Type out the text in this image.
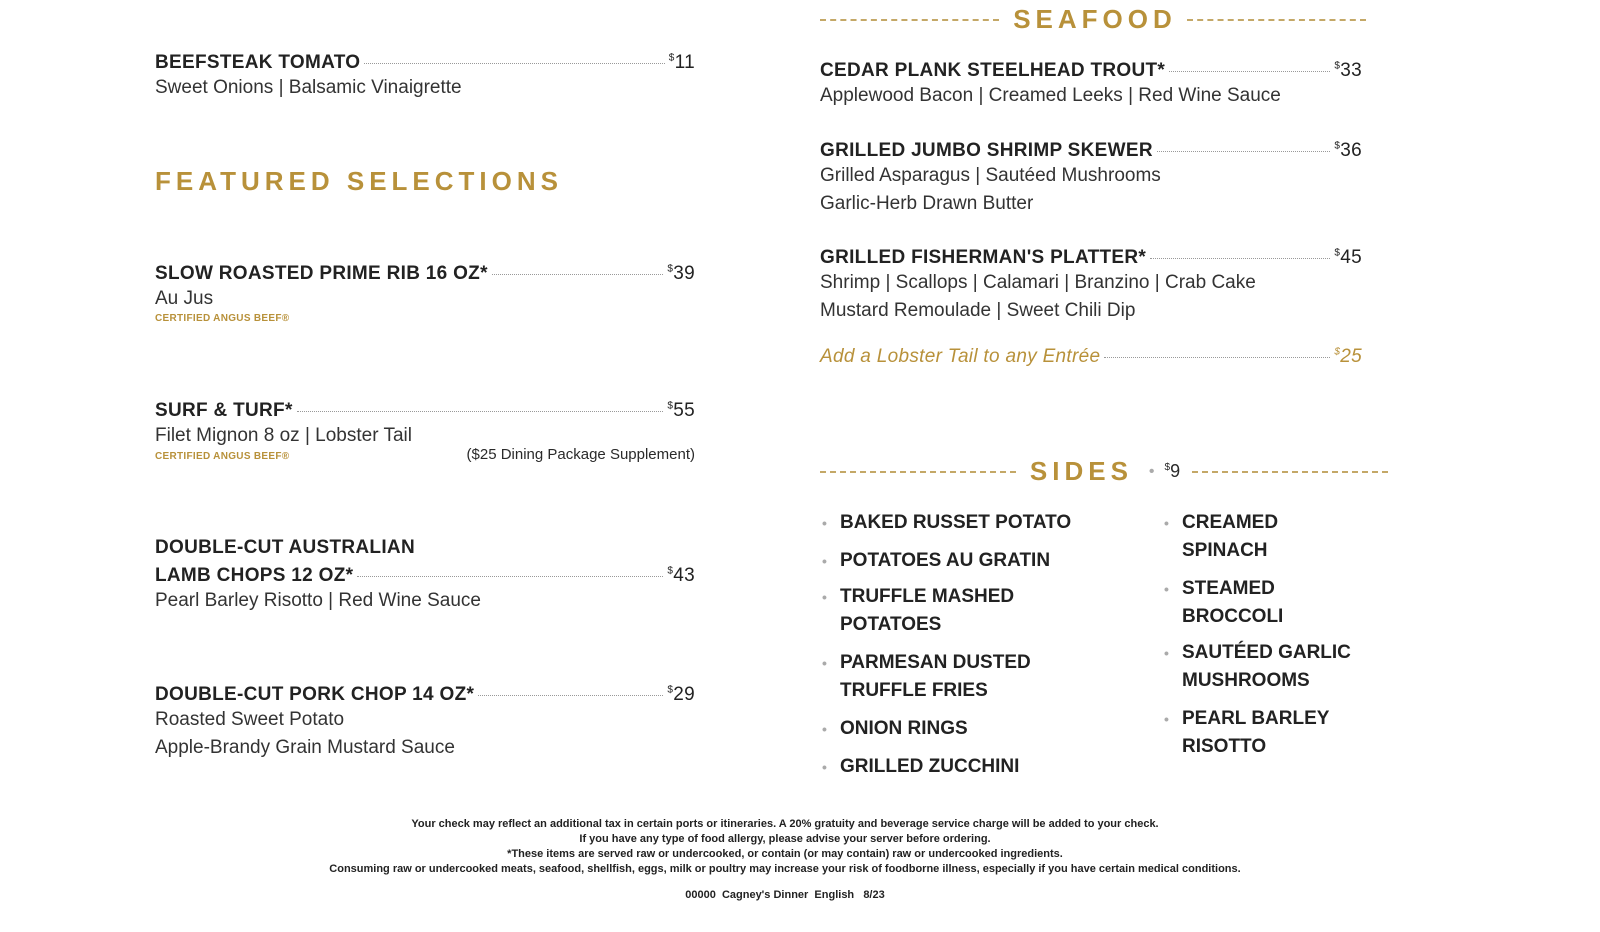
BEEFSTEAK TOMATO	$11
Sweet Onions | Balsamic Vinaigrette
FEATURED SELECTIONS
SLOW ROASTED PRIME RIB 16 OZ*	$39
Au Jus
CERTIFIED ANGUS BEEF®
SURF & TURF*	$55
Filet Mignon 8 oz | Lobster Tail
CERTIFIED ANGUS BEEF®	($25 Dining Package Supplement)
DOUBLE-CUT AUSTRALIAN
LAMB CHOPS 12 OZ*	$43
Pearl Barley Risotto | Red Wine Sauce
DOUBLE-CUT PORK CHOP 14 OZ*	$29
Roasted Sweet Potato
Apple-Brandy Grain Mustard Sauce
SEAFOOD
CEDAR PLANK STEELHEAD TROUT*	$33
Applewood Bacon | Creamed Leeks | Red Wine Sauce
GRILLED JUMBO SHRIMP SKEWER	$36
Grilled Asparagus | Sautéed Mushrooms
Garlic-Herb Drawn Butter
GRILLED FISHERMAN'S PLATTER*	$45
Shrimp | Scallops | Calamari | Branzino | Crab Cake
Mustard Remoulade | Sweet Chili Dip
Add a Lobster Tail to any Entrée	$25
SIDES • $9
• BAKED RUSSET POTATO
• POTATOES AU GRATIN
• TRUFFLE MASHED POTATOES
• PARMESAN DUSTED TRUFFLE FRIES
• ONION RINGS
• GRILLED ZUCCHINI
• CREAMED SPINACH
• STEAMED BROCCOLI
• SAUTÉED GARLIC MUSHROOMS
• PEARL BARLEY RISOTTO
Your check may reflect an additional tax in certain ports or itineraries. A 20% gratuity and beverage service charge will be added to your check.
If you have any type of food allergy, please advise your server before ordering.
*These items are served raw or undercooked, or contain (or may contain) raw or undercooked ingredients.
Consuming raw or undercooked meats, seafood, shellfish, eggs, milk or poultry may increase your risk of foodborne illness, especially if you have certain medical conditions.
00000  Cagney's Dinner  English   8/23
